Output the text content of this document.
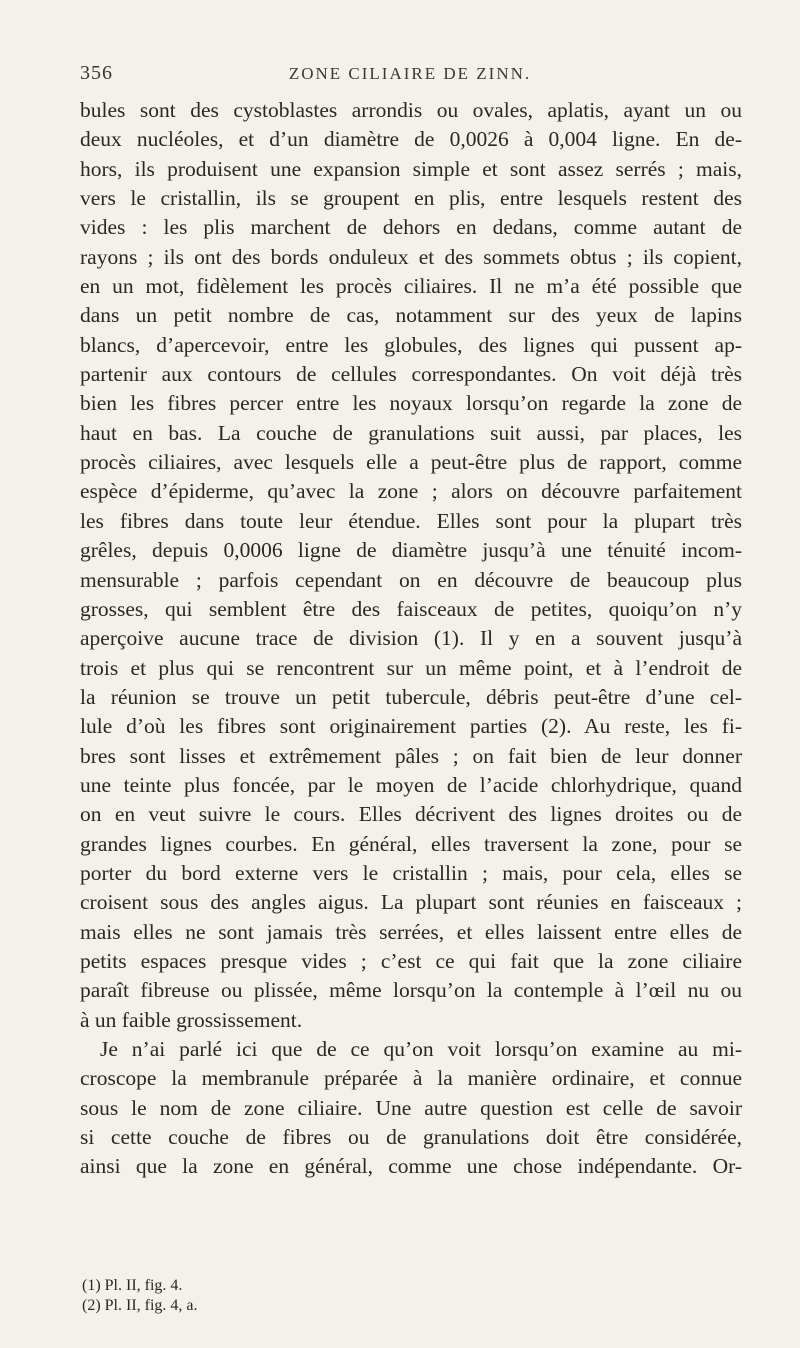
356	ZONE CILIAIRE DE ZINN.
bules sont des cystoblastes arrondis ou ovales, aplatis, ayant un ou
deux nucléoles, et d’un diamètre de 0,0026 à 0,004 ligne. En de-
hors, ils produisent une expansion simple et sont assez serrés ; mais,
vers le cristallin, ils se groupent en plis, entre lesquels restent des
vides : les plis marchent de dehors en dedans, comme autant de
rayons ; ils ont des bords onduleux et des sommets obtus ; ils copient,
en un mot, fidèlement les procès ciliaires. Il ne m’a été possible que
dans un petit nombre de cas, notamment sur des yeux de lapins
blancs, d’apercevoir, entre les globules, des lignes qui pussent ap-
partenir aux contours de cellules correspondantes. On voit déjà très
bien les fibres percer entre les noyaux lorsqu’on regarde la zone de
haut en bas. La couche de granulations suit aussi, par places, les
procès ciliaires, avec lesquels elle a peut-être plus de rapport, comme
espèce d’épiderme, qu’avec la zone ; alors on découvre parfaitement
les fibres dans toute leur étendue. Elles sont pour la plupart très
grêles, depuis 0,0006 ligne de diamètre jusqu’à une ténuité incom-
mensurable ; parfois cependant on en découvre de beaucoup plus
grosses, qui semblent être des faisceaux de petites, quoiqu’on n’y
aperçoive aucune trace de division (1). Il y en a souvent jusqu’à
trois et plus qui se rencontrent sur un même point, et à l’endroit de
la réunion se trouve un petit tubercule, débris peut-être d’une cel-
lule d’où les fibres sont originairement parties (2). Au reste, les fi-
bres sont lisses et extrêmement pâles ; on fait bien de leur donner
une teinte plus foncée, par le moyen de l’acide chlorhydrique, quand
on en veut suivre le cours. Elles décrivent des lignes droites ou de
grandes lignes courbes. En général, elles traversent la zone, pour se
porter du bord externe vers le cristallin ; mais, pour cela, elles se
croisent sous des angles aigus. La plupart sont réunies en faisceaux ;
mais elles ne sont jamais très serrées, et elles laissent entre elles de
petits espaces presque vides ; c’est ce qui fait que la zone ciliaire
paraît fibreuse ou plissée, même lorsqu’on la contemple à l’œil nu ou
à un faible grossissement.
Je n’ai parlé ici que de ce qu’on voit lorsqu’on examine au mi-
croscope la membranule préparée à la manière ordinaire, et connue
sous le nom de zone ciliaire. Une autre question est celle de savoir
si cette couche de fibres ou de granulations doit être considérée,
ainsi que la zone en général, comme une chose indépendante. Or-
(1) Pl. II, fig. 4.
(2) Pl. II, fig. 4, a.
